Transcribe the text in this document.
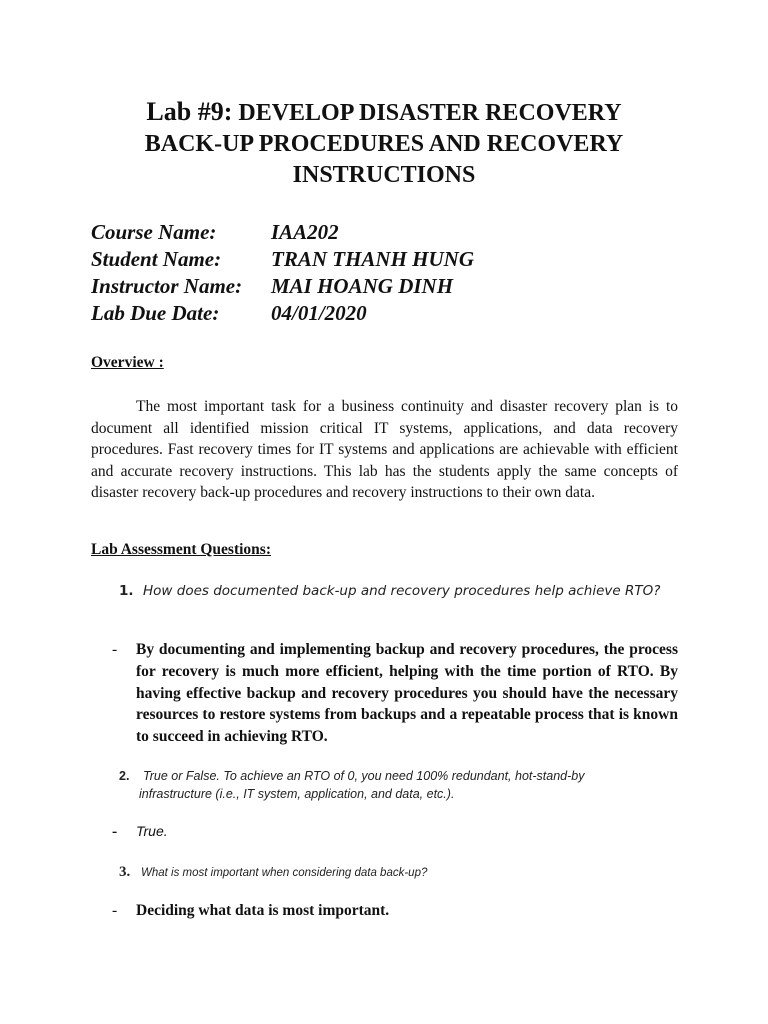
Lab #9: DEVELOP DISASTER RECOVERY
BACK-UP PROCEDURES AND RECOVERY
INSTRUCTIONS
Course Name:	IAA202
Student Name: TRAN THANH HUNG
Instructor Name: MAI HOANG DINH
Lab Due Date: 04/01/2020
Overview :

The most important task for a business continuity and disaster recovery plan is to document all identified mission critical IT systems, applications, and data recovery procedures. Fast recovery times for IT systems and applications are achievable with efficient and accurate recovery instructions. This lab has the students apply the same concepts of disaster recovery back-up procedures and recovery instructions to their own data.

Lab Assessment Questions:

1. How does documented back-up and recovery procedures help achieve RTO?

-	By documenting and implementing backup and recovery procedures, the process for recovery is much more efficient, helping with the time portion of RTO. By having effective backup and recovery procedures you should have the necessary resources to restore systems from backups and a repeatable process that is known to succeed in achieving RTO.

2. True or False. To achieve an RTO of 0, you need 100% redundant, hot-stand-by
infrastructure (i.e., IT system, application, and data, etc.).

-	True.

3. What is most important when considering data back-up?

-	Deciding what data is most important.
